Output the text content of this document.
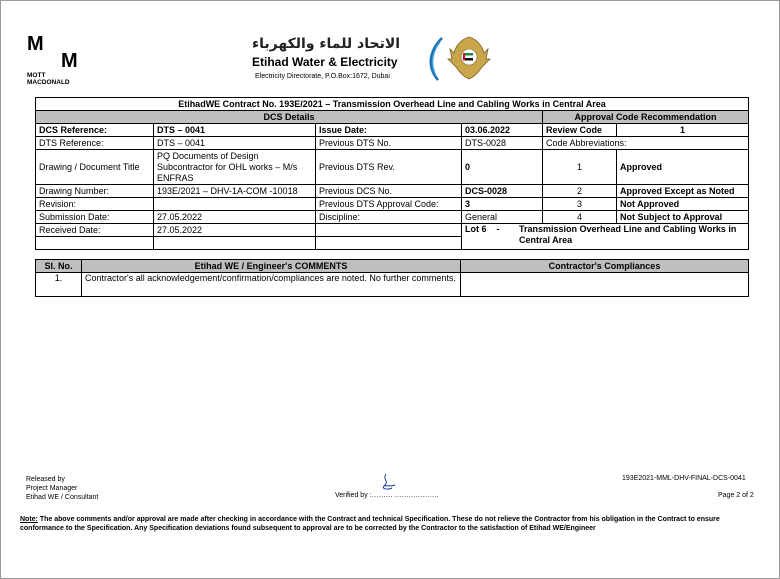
M
M
MOTT
MACDONALD
الاتحاد للماء والكهرباء
Etihad Water & Electricity
Electricity Directorate, P.O.Box:1672, Dubai
EtihadWE Contract No. 193E/2021 – Transmission Overhead Line and Cabling Works in Central Area					
DCS Details				Approval Code Recommendation	
DCS Reference:	DTS – 0041	Issue Date:	03.06.2022	Review Code	1
DTS Reference:	DTS – 0041	Previous DTS No.	DTS-0028	Code Abbreviations:	
Drawing / Document Title	PQ Documents of Design Subcontractor for OHL works – M/s ENFRAS	Previous DTS Rev.	0	1	Approved
Drawing Number:	193E/2021 – DHV-1A-COM -10018	Previous DCS No.	DCS-0028	2	Approved Except as Noted
Revision:		Previous DTS Approval Code:	3	3	Not Approved
Submission Date:	27.05.2022	Discipline:	General	4	Not Subject to Approval
Received Date:	27.05.2022		Lot 6    - Transmission Overhead Line and Cabling Works in Central Area		

Sl. No.	Etihad WE / Engineer's COMMENTS	Contractor's Compliances
1.	Contractor's all acknowledgement/confirmation/compliances are noted. No further comments.	
Released by
Project Manager
Etihad WE / Consultant	Verified by :……… ……………….
193E2021-MML-DHV-FINAL-DCS-0041
Page 2 of 2
Note: The above comments and/or approval are made after checking in accordance with the Contract and technical Specification. These do not relieve the Contractor from his obligation in the Contract to ensure conformance to the Specification. Any Specification deviations found subsequent to approval are to be corrected by the Contractor to the satisfaction of Etihad WE/Engineer
